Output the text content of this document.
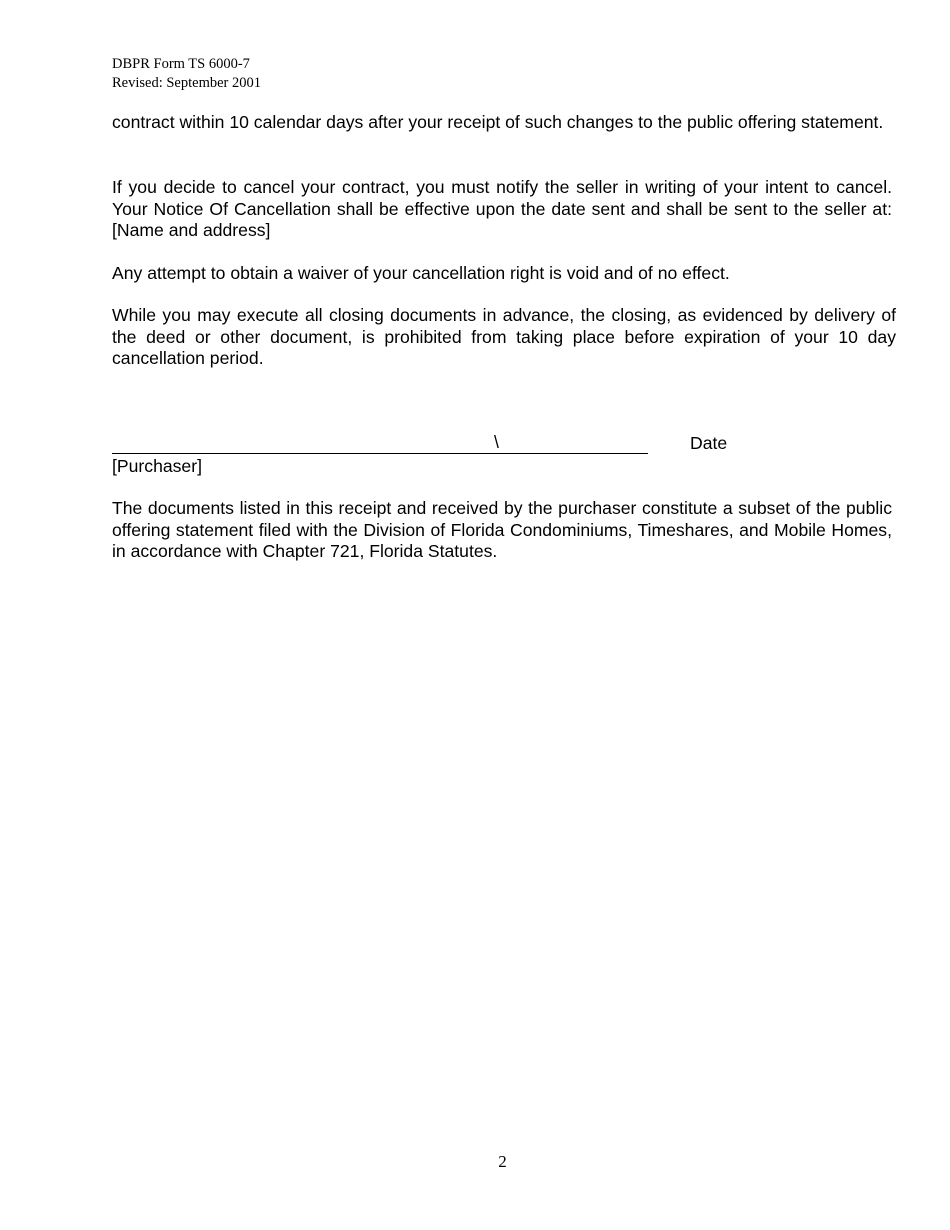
DBPR Form TS 6000-7
Revised: September 2001

contract within 10 calendar days after your receipt of such changes to the public offering statement.

If you decide to cancel your contract, you must notify the seller in writing of your intent to cancel. Your Notice Of Cancellation shall be effective upon the date sent and shall be sent to the seller at: [Name and address]

Any attempt to obtain a waiver of your cancellation right is void and of no effect.

While you may execute all closing documents in advance, the closing, as evidenced by delivery of the deed or other document, is prohibited from taking place before expiration of your 10 day cancellation period.

\	Date
[Purchaser]

The documents listed in this receipt and received by the purchaser constitute a subset of the public offering statement filed with the Division of Florida Condominiums, Timeshares, and Mobile Homes, in accordance with Chapter 721, Florida Statutes.

2
